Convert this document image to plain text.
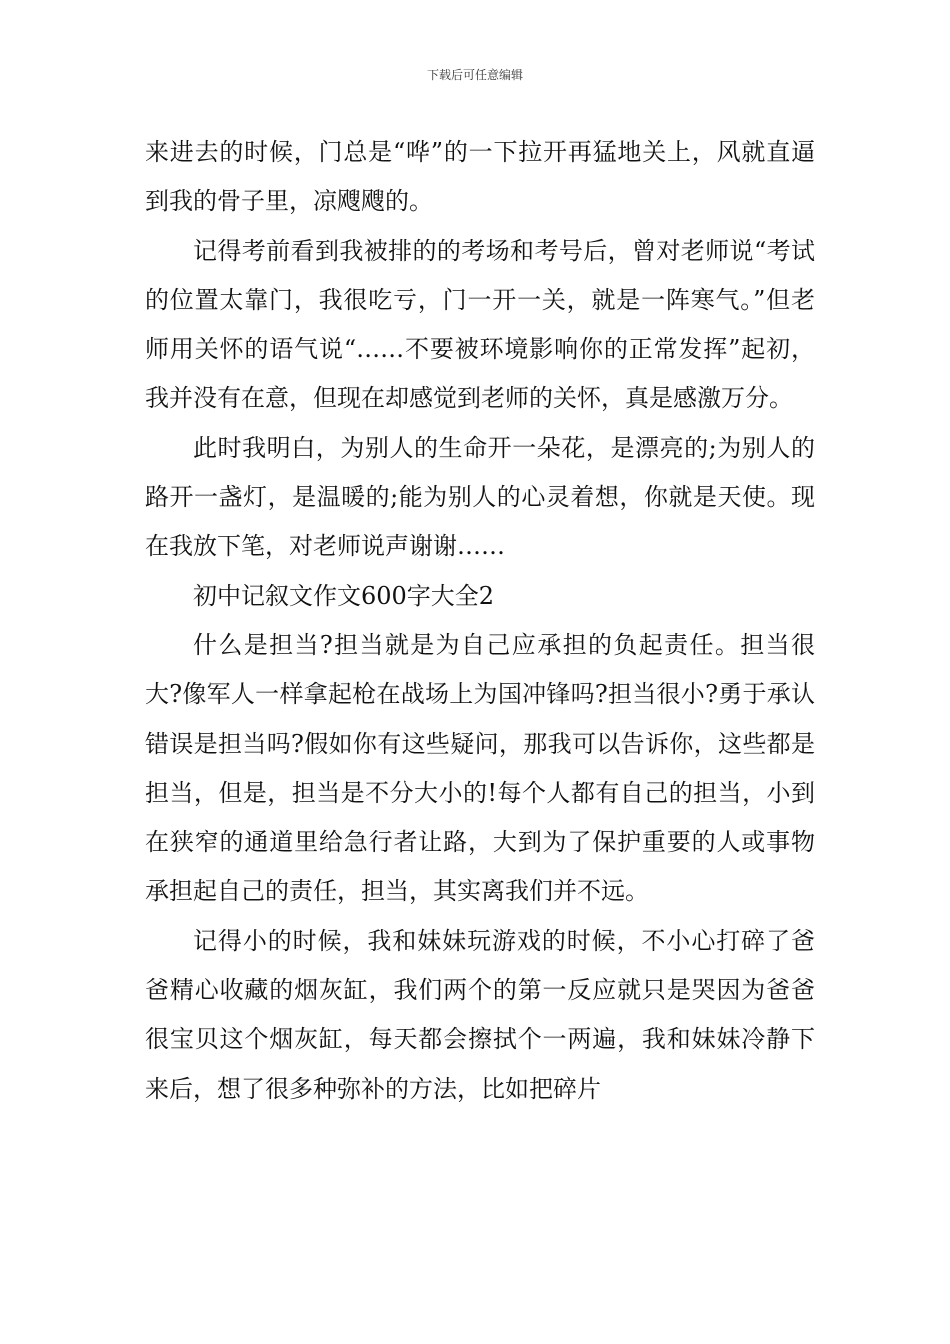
下载后可任意编辑

来进去的时候，门总是“哗”的一下拉开再猛地关上，风就直逼到我的骨子里，凉飕飕的。

记得考前看到我被排的的考场和考号后，曾对老师说“考试的位置太靠门，我很吃亏，门一开一关，就是一阵寒气。”但老师用关怀的语气说“……不要被环境影响你的正常发挥”起初，我并没有在意，但现在却感觉到老师的关怀，真是感激万分。

此时我明白，为别人的生命开一朵花，是漂亮的;为别人的路开一盏灯，是温暖的;能为别人的心灵着想，你就是天使。现在我放下笔，对老师说声谢谢……

初中记叙文作文600字大全2

什么是担当?担当就是为自己应承担的负起责任。担当很大?像军人一样拿起枪在战场上为国冲锋吗?担当很小?勇于承认错误是担当吗?假如你有这些疑问，那我可以告诉你，这些都是担当，但是，担当是不分大小的!每个人都有自己的担当，小到在狭窄的通道里给急行者让路，大到为了保护重要的人或事物承担起自己的责任，担当，其实离我们并不远。

记得小的时候，我和妹妹玩游戏的时候，不小心打碎了爸爸精心收藏的烟灰缸，我们两个的第一反应就只是哭因为爸爸很宝贝这个烟灰缸，每天都会擦拭个一两遍，我和妹妹冷静下来后，想了很多种弥补的方法，比如把碎片
